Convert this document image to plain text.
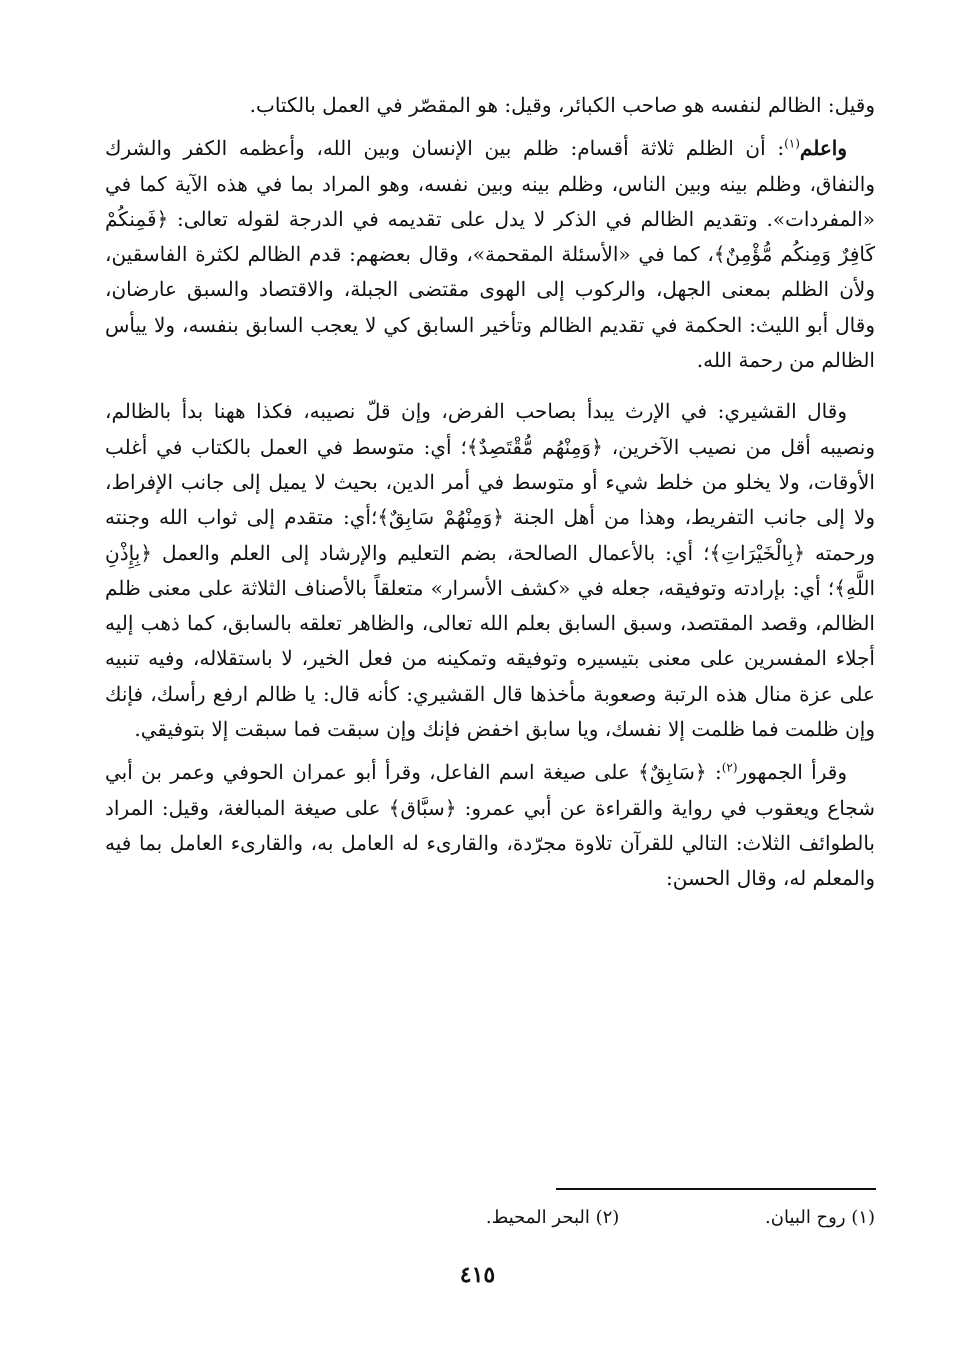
وقيل: الظالم لنفسه هو صاحب الكبائر، وقيل: هو المقصّر في العمل بالكتاب.

واعلم$^{(١)}$: أن الظلم ثلاثة أقسام: ظلم بين الإنسان وبين الله، وأعظمه الكفر والشرك والنفاق، وظلم بينه وبين الناس، وظلم بينه وبين نفسه، وهو المراد بما في هذه الآية كما في «المفردات». وتقديم الظالم في الذكر لا يدل على تقديمه في الدرجة لقوله تعالى: ﴿فَمِنكُمْ كَافِرٌ وَمِنكُم مُّؤْمِنٌ﴾، كما في «الأسئلة المقحمة»، وقال بعضهم: قدم الظالم لكثرة الفاسقين، ولأن الظلم بمعنى الجهل، والركوب إلى الهوى مقتضى الجبلة، والاقتصاد والسبق عارضان، وقال أبو الليث: الحكمة في تقديم الظالم وتأخير السابق كي لا يعجب السابق بنفسه، ولا ييأس الظالم من رحمة الله.

وقال القشيري: في الإرث يبدأ بصاحب الفرض، وإن قلّ نصيبه، فكذا ههنا بدأ بالظالم، ونصيبه أقل من نصيب الآخرين، ﴿وَمِنْهُم مُّقْتَصِدٌ﴾؛ أي: متوسط في العمل بالكتاب في أغلب الأوقات، ولا يخلو من خلط شيء أو متوسط في أمر الدين، بحيث لا يميل إلى جانب الإفراط، ولا إلى جانب التفريط، وهذا من أهل الجنة ﴿وَمِنْهُمْ سَابِقٌ﴾؛أي: متقدم إلى ثواب الله وجنته ورحمته ﴿بِالْخَيْرَاتِ﴾؛ أي: بالأعمال الصالحة، بضم التعليم والإرشاد إلى العلم والعمل ﴿بِإِذْنِ اللَّهِ﴾؛ أي: بإرادته وتوفيقه، جعله في «كشف الأسرار» متعلقاً بالأصناف الثلاثة على معنى ظلم الظالم، وقصد المقتصد، وسبق السابق بعلم الله تعالى، والظاهر تعلقه بالسابق، كما ذهب إليه أجلاء المفسرين على معنى بتيسيره وتوفيقه وتمكينه من فعل الخير، لا باستقلاله، وفيه تنبيه على عزة منال هذه الرتبة وصعوبة مأخذها قال القشيري: كأنه قال: يا ظالم ارفع رأسك، فإنك وإن ظلمت فما ظلمت إلا نفسك، ويا سابق اخفض فإنك وإن سبقت فما سبقت إلا بتوفيقي.

وقرأ الجمهور$^{(٢)}$: ﴿سَابِقٌ﴾ على صيغة اسم الفاعل، وقرأ أبو عمران الحوفي وعمر بن أبي شجاع ويعقوب في رواية والقراءة عن أبي عمرو: ﴿سبَّاق﴾ على صيغة المبالغة، وقيل: المراد بالطوائف الثلاث: التالي للقرآن تلاوة مجرّدة، والقارىء له العامل به، والقارىء العامل بما فيه والمعلم له، وقال الحسن:

(١) روح البيان. (٢) البحر المحيط.
٤١٥
